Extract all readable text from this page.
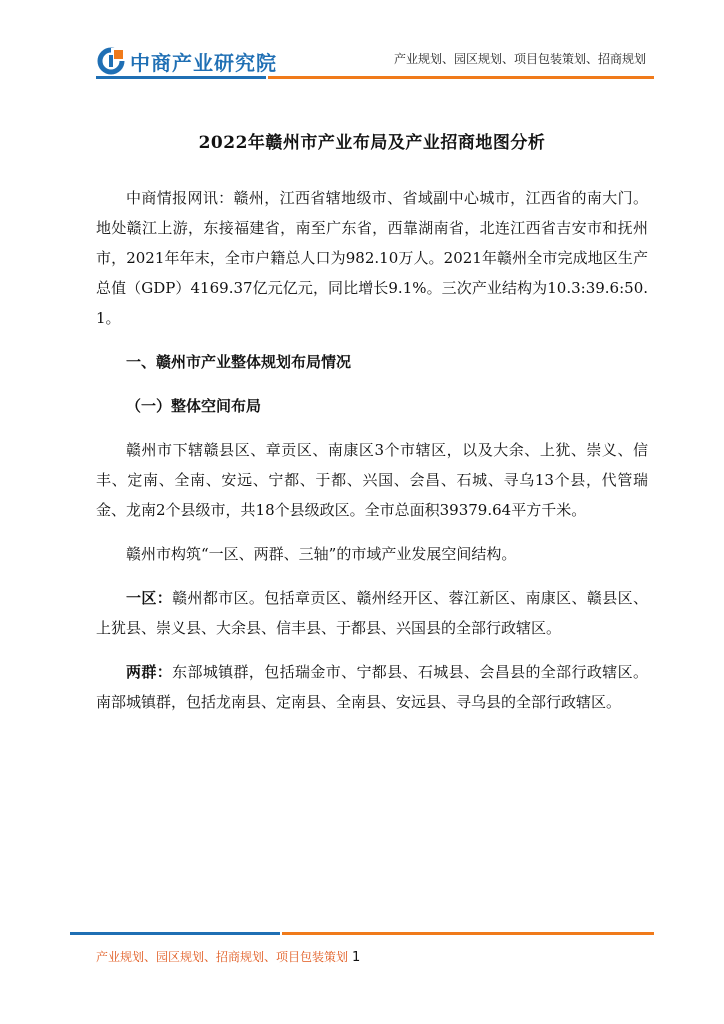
中商产业研究院	产业规划、园区规划、项目包装策划、招商规划
2022年赣州市产业布局及产业招商地图分析

中商情报网讯：赣州，江西省辖地级市、省域副中心城市，江西省的南大门。地处赣江上游，东接福建省，南至广东省，西靠湖南省，北连江西省吉安市和抚州市，2021年年末，全市户籍总人口为982.10万人。2021年赣州全市完成地区生产总值（GDP）4169.37亿元亿元，同比增长9.1%。三次产业结构为10.3:39.6:50.1。

一、赣州市产业整体规划布局情况
（一）整体空间布局

赣州市下辖赣县区、章贡区、南康区3个市辖区，以及大余、上犹、崇义、信丰、定南、全南、安远、宁都、于都、兴国、会昌、石城、寻乌13个县，代管瑞金、龙南2个县级市，共18个县级政区。全市总面积39379.64平方千米。

赣州市构筑“一区、两群、三轴”的市域产业发展空间结构。

一区：赣州都市区。包括章贡区、赣州经开区、蓉江新区、南康区、赣县区、上犹县、崇义县、大余县、信丰县、于都县、兴国县的全部行政辖区。

两群：东部城镇群，包括瑞金市、宁都县、石城县、会昌县的全部行政辖区。南部城镇群，包括龙南县、定南县、全南县、安远县、寻乌县的全部行政辖区。

产业规划、园区规划、招商规划、项目包装策划 1
